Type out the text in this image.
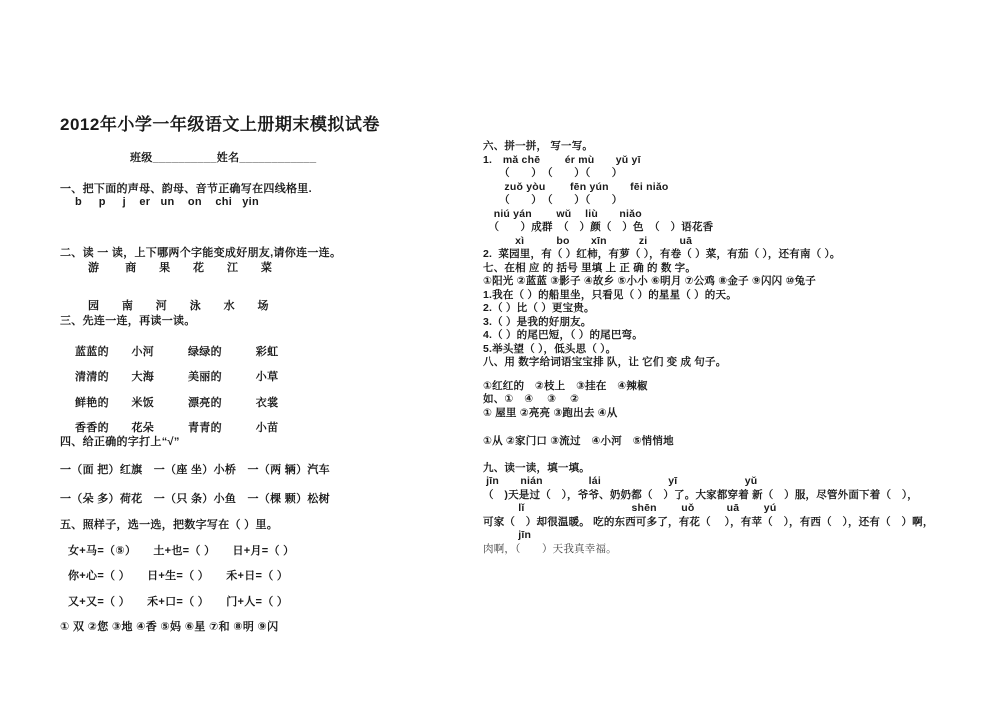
2012年小学一年级语文上册期末模拟试卷
班级__________姓名____________
一、把下面的声母、韵母、音节正确写在四线格里.
b     p     j    er   un    on    chi   yin
二、读 一 读，上下哪两个字能变成好朋友,请你连一连。
游　　 商　　果　　花　　江　　菜
园　　南　　河　　泳　　水　　场
三、先连一连，再读一读。
蓝蓝的　　小河　　　绿绿的　　　彩虹
清清的　　大海　　　美丽的　　　小草
鲜艳的　　米饭　　　漂亮的　　　衣裳
香香的　　花朵　　　青青的　　　小苗
四、给正确的字打上“√”
一（面 把）红旗　一（座 坐）小桥　一（两 辆）汽车
一（朵 多）荷花　一（只 条）小鱼　一（棵 颗）松树
五、照样子，选一选，把数字写在（ ）里。
女+马=（⑤）　　土+也=（ ）　　日+月=（ ）
你+心=（ ）　　日+生=（ ）　　禾+日=（ ）
又+又=（ ）　　禾+口=（ ）　　门+人=（ ）
① 双 ②您 ③地 ④香 ⑤妈 ⑥星 ⑦和 ⑧明 ⑨闪
六、拼一拼， 写一写。
1.　mǎ chē　　 ér mù　　yǔ yī
　　（　　）　（　　）（　　）
　　zuǒ yòu　　 fēn yún　　fēi niǎo
　　（　　）　（　　）（　　）
　niú yán　　 wǔ　 liù　　niǎo
　（　　）成群　（　）颜（　）色　（　）语花香
　　　xì　　　bo　　xīn　　　zi　　　uā
2.  菜园里，有（ ）红柿，有萝（ ），有卷（ ）菜，有茄（ ），还有南（ ）。
七、在相 应 的 括号 里填 上 正 确 的 数 字。
①阳光 ②蓝蓝 ③影子 ④故乡 ⑤小小 ⑥明月 ⑦公鸡 ⑧金子 ⑨闪闪 ⑩兔子
1.我在（ ）的船里坐，只看见（ ）的星星（ ）的天。
2.（ ）比（ ）更宝贵。
3.（ ）是我的好朋友。
4.（ ）的尾巴短，（ ）的尾巴弯。
5.举头望（ ），低头思（ ）。
八、用 数字给词语宝宝排 队，让 它们 变 成 句子。
①红红的　②枝上　③挂在　④辣椒
如、①　④　 ③　 ②
① 屋里 ②亮亮 ③跑出去 ④从
①从 ②家门口 ③流过　④小河　⑤悄悄地
九、读一读，填一填。
jīn　　nián　　　　 lái　　　　　　 yī　　　　　　 yǔ
（　)天是过（　），爷爷、奶奶都（　）了。大家都穿着 新（　）服，尽管外面下着（　），
　　　 lǐ　　　　　　　　　　shēn　　 uǒ　　　uā　　 yú
可家（　）却很温暖。 吃的东西可多了，有花（　 ），有苹（　），有西（　），还有（　）啊，
　　　 jīn
肉啊，（　　）天我真幸福。
